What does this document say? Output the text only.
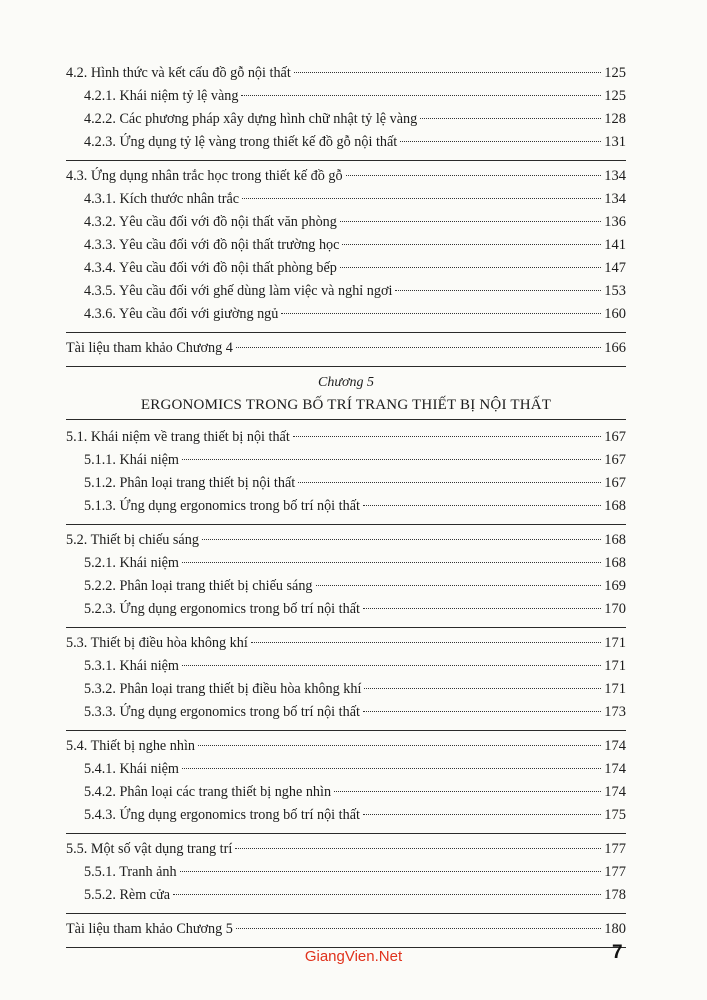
4.2. Hình thức và kết cấu đồ gỗ nội thất	125
4.2.1. Khái niệm tỷ lệ vàng	125
4.2.2. Các phương pháp xây dựng hình chữ nhật tỷ lệ vàng	128
4.2.3. Ứng dụng tỷ lệ vàng trong thiết kế đồ gỗ nội thất	131
4.3. Ứng dụng nhân trắc học trong thiết kế đồ gỗ	134
4.3.1. Kích thước nhân trắc	134
4.3.2. Yêu cầu đối với đồ nội thất văn phòng	136
4.3.3. Yêu cầu đối với đồ nội thất trường học	141
4.3.4. Yêu cầu đối với đồ nội thất phòng bếp	147
4.3.5. Yêu cầu đối với ghế dùng làm việc và nghỉ ngơi	153
4.3.6. Yêu cầu đối với giường ngủ	160
Tài liệu tham khảo Chương 4	166
Chương 5
ERGONOMICS TRONG BỐ TRÍ TRANG THIẾT BỊ NỘI THẤT
5.1. Khái niệm về trang thiết bị nội thất	167
5.1.1. Khái niệm	167
5.1.2. Phân loại trang thiết bị nội thất	167
5.1.3. Ứng dụng ergonomics trong bố trí nội thất	168
5.2. Thiết bị chiếu sáng	168
5.2.1. Khái niệm	168
5.2.2. Phân loại trang thiết bị chiếu sáng	169
5.2.3. Ứng dụng ergonomics trong bố trí nội thất	170
5.3. Thiết bị điều hòa không khí	171
5.3.1. Khái niệm	171
5.3.2. Phân loại trang thiết bị điều hòa không khí	171
5.3.3. Ứng dụng ergonomics trong bố trí nội thất	173
5.4. Thiết bị nghe nhìn	174
5.4.1. Khái niệm	174
5.4.2. Phân loại các trang thiết bị nghe nhìn	174
5.4.3. Ứng dụng ergonomics trong bố trí nội thất	175
5.5. Một số vật dụng trang trí	177
5.5.1. Tranh ảnh	177
5.5.2. Rèm cửa	178
Tài liệu tham khảo Chương 5	180
GiangVien.Net	7
